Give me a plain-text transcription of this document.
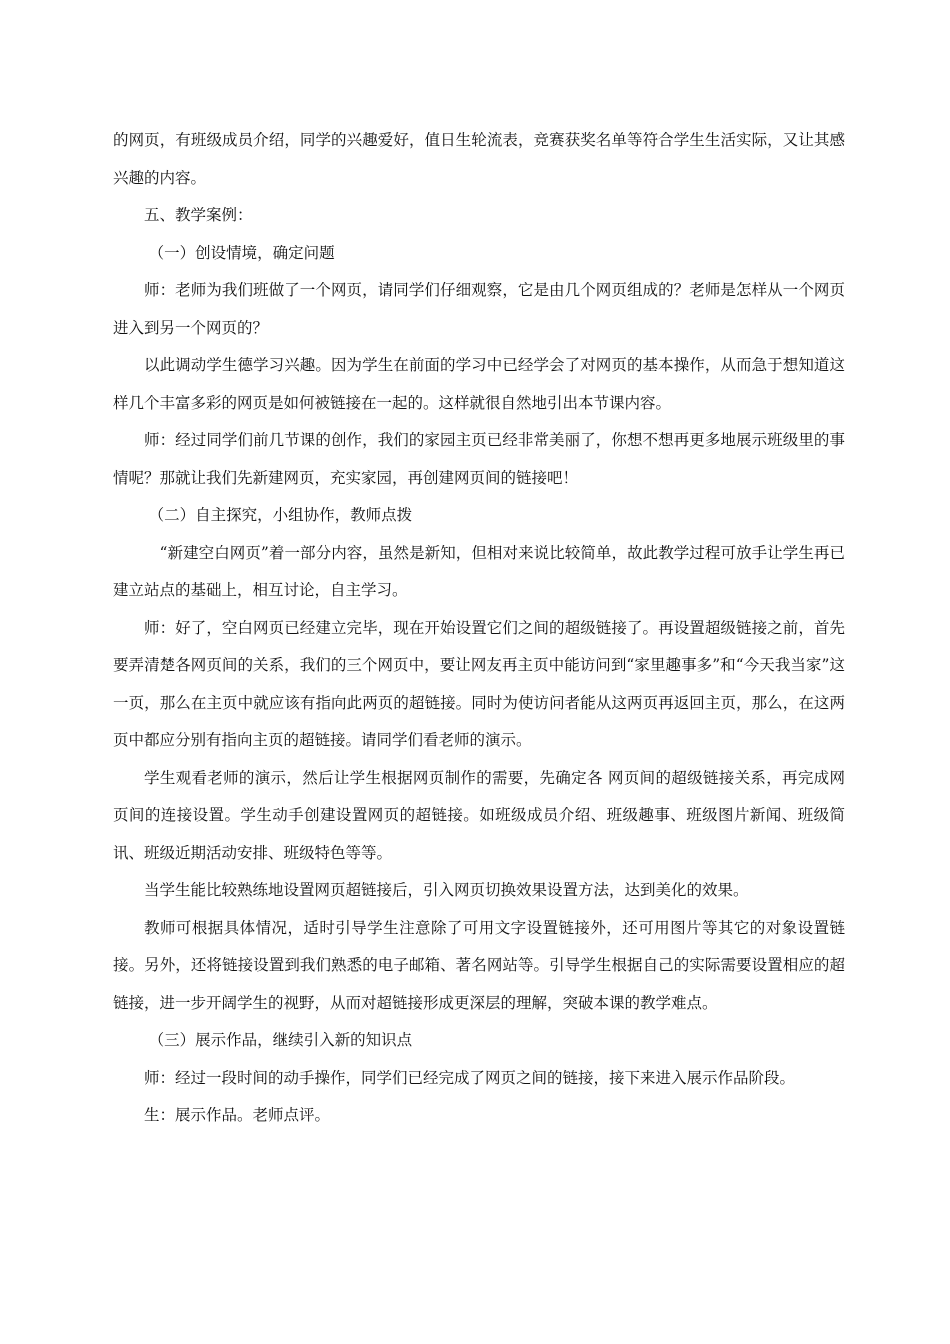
的网页，有班级成员介绍，同学的兴趣爱好，值日生轮流表，竞赛获奖名单等符合学生生活实际，又让其感兴趣的内容。

五、教学案例：

（一）创设情境，确定问题

师：老师为我们班做了一个网页，请同学们仔细观察，它是由几个网页组成的？老师是怎样从一个网页进入到另一个网页的？

以此调动学生德学习兴趣。因为学生在前面的学习中已经学会了对网页的基本操作，从而急于想知道这样几个丰富多彩的网页是如何被链接在一起的。这样就很自然地引出本节课内容。

师：经过同学们前几节课的创作，我们的家园主页已经非常美丽了，你想不想再更多地展示班级里的事情呢？那就让我们先新建网页，充实家园，再创建网页间的链接吧！

（二）自主探究，小组协作，教师点拨

“新建空白网页”着一部分内容，虽然是新知，但相对来说比较简单，故此教学过程可放手让学生再已建立站点的基础上，相互讨论，自主学习。

师：好了，空白网页已经建立完毕，现在开始设置它们之间的超级链接了。再设置超级链接之前，首先要弄清楚各网页间的关系，我们的三个网页中，要让网友再主页中能访问到“家里趣事多”和“今天我当家”这一页，那么在主页中就应该有指向此两页的超链接。同时为使访问者能从这两页再返回主页，那么，在这两页中都应分别有指向主页的超链接。请同学们看老师的演示。

学生观看老师的演示，然后让学生根据网页制作的需要，先确定各 网页间的超级链接关系，再完成网页间的连接设置。学生动手创建设置网页的超链接。如班级成员介绍、班级趣事、班级图片新闻、班级简讯、班级近期活动安排、班级特色等等。

当学生能比较熟练地设置网页超链接后，引入网页切换效果设置方法，达到美化的效果。

教师可根据具体情况，适时引导学生注意除了可用文字设置链接外，还可用图片等其它的对象设置链接。另外，还将链接设置到我们熟悉的电子邮箱、著名网站等。引导学生根据自己的实际需要设置相应的超链接，进一步开阔学生的视野，从而对超链接形成更深层的理解，突破本课的教学难点。

（三）展示作品，继续引入新的知识点

师：经过一段时间的动手操作，同学们已经完成了网页之间的链接，接下来进入展示作品阶段。

生：展示作品。老师点评。
